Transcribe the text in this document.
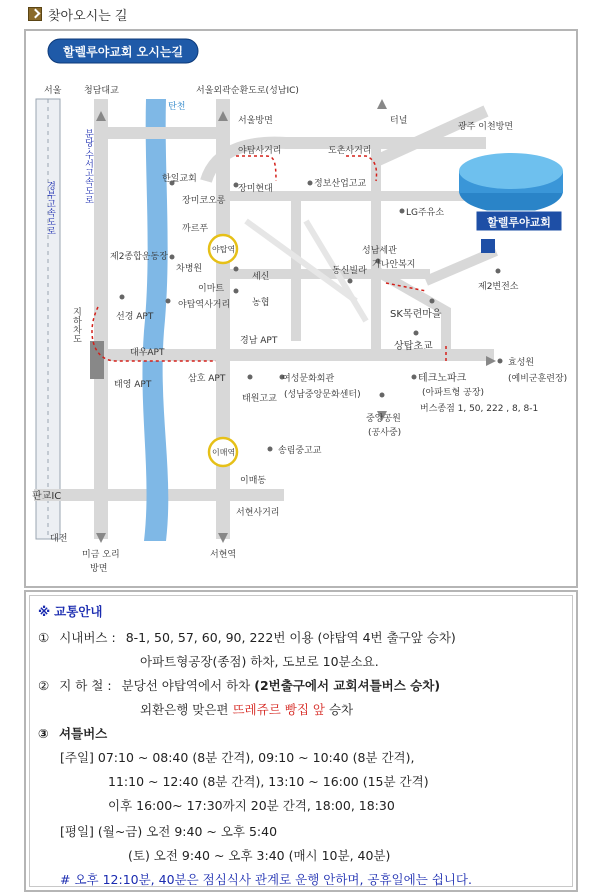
찾아오시는 길
할렐루야교회 오시는길
할렐루야교회
서울	청담대교
탄천
서울외곽순환도로(성남IC)
서울방면	터널
광주 이천방면
한일교회
장미코오롱
장미현대
까르푸
야탑사거리	도촌사거리
정보산업고교
LG주유소
제2종합운동장
야탑역
차병원
이마트
야탑역사거리
세신
농협
성남세관
가나안복지
동신빌라
제2변전소
SK목련마을
선경 APT
대우APT
경남 APT	상탑초교
태영 APT
삼호 APT
태원고교
여성문화회관
(성남중앙문화센터)
테크노파크
(아파트형 공장)
버스종점 1, 50, 222 , 8, 8-1
효성원
(예비군훈련장)
중앙공원
(공사중)
이매역	송림중고교
이매동
판교IC
대전
미금 오리
방면
서현사거리
서현역
경부고속도로
분당·수서고속도로
지하차도
※ 교통안내
① 시내버스 : 8-1, 50, 57, 60, 90, 222번 이용 (야탑역 4번 출구앞 승차)
아파트형공장(종점) 하차, 도보로 10분소요.
② 지 하 철 : 분당선 야탑역에서 하차 (2번출구에서 교회셔틀버스 승차)
외환은행 맞은편 뜨레쥬르 빵집 앞 승차
③ 셔틀버스
[주일] 07:10 ~ 08:40 (8분 간격), 09:10 ~ 10:40 (8분 간격),
11:10 ~ 12:40 (8분 간격), 13:10 ~ 16:00 (15분 간격)
이후 16:00~ 17:30까지 20분 간격, 18:00, 18:30
[평일] (월~금) 오전 9:40 ~ 오후 5:40
(토) 오전 9:40 ~ 오후 3:40 (매시 10분, 40분)
# 오후 12:10분, 40분은 점심식사 관계로 운행 안하며, 공휴일에는 쉽니다.
